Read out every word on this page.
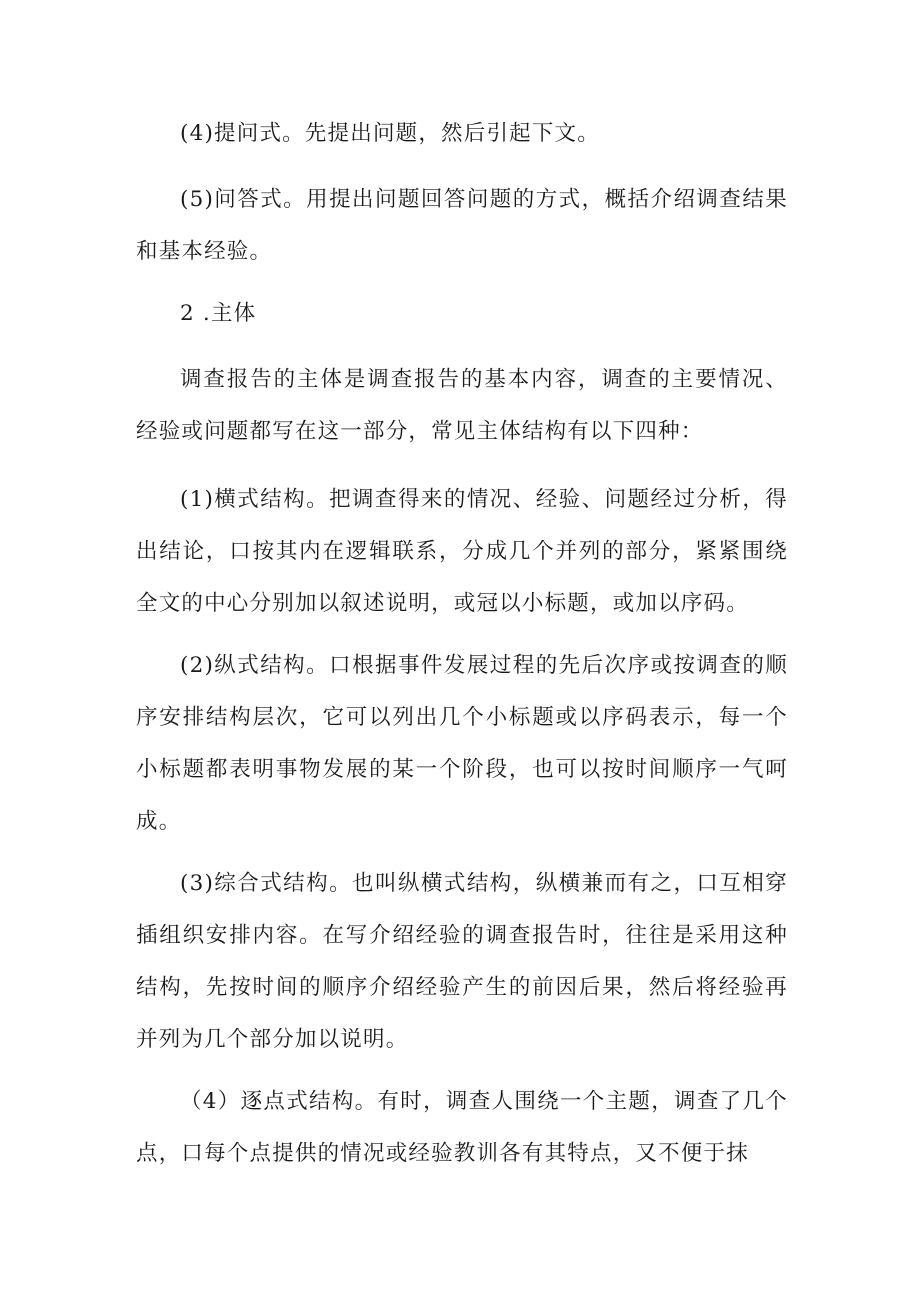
(4)提问式。先提出问题，然后引起下文。

(5)问答式。用提出问题回答问题的方式，概括介绍调查结果和基本经验。

2 .主体

调查报告的主体是调查报告的基本内容，调查的主要情况、经验或问题都写在这一部分，常见主体结构有以下四种：

(1)横式结构。把调查得来的情况、经验、问题经过分析，得出结论，口按其内在逻辑联系，分成几个并列的部分，紧紧围绕全文的中心分别加以叙述说明，或冠以小标题，或加以序码。

(2)纵式结构。口根据事件发展过程的先后次序或按调查的顺序安排结构层次，它可以列出几个小标题或以序码表示，每一个小标题都表明事物发展的某一个阶段，也可以按时间顺序一气呵成。

(3)综合式结构。也叫纵横式结构，纵横兼而有之，口互相穿插组织安排内容。在写介绍经验的调查报告时，往往是采用这种结构，先按时间的顺序介绍经验产生的前因后果，然后将经验再并列为几个部分加以说明。

（4）逐点式结构。有时，调查人围绕一个主题，调查了几个点，口每个点提供的情况或经验教训各有其特点，又不便于抹
